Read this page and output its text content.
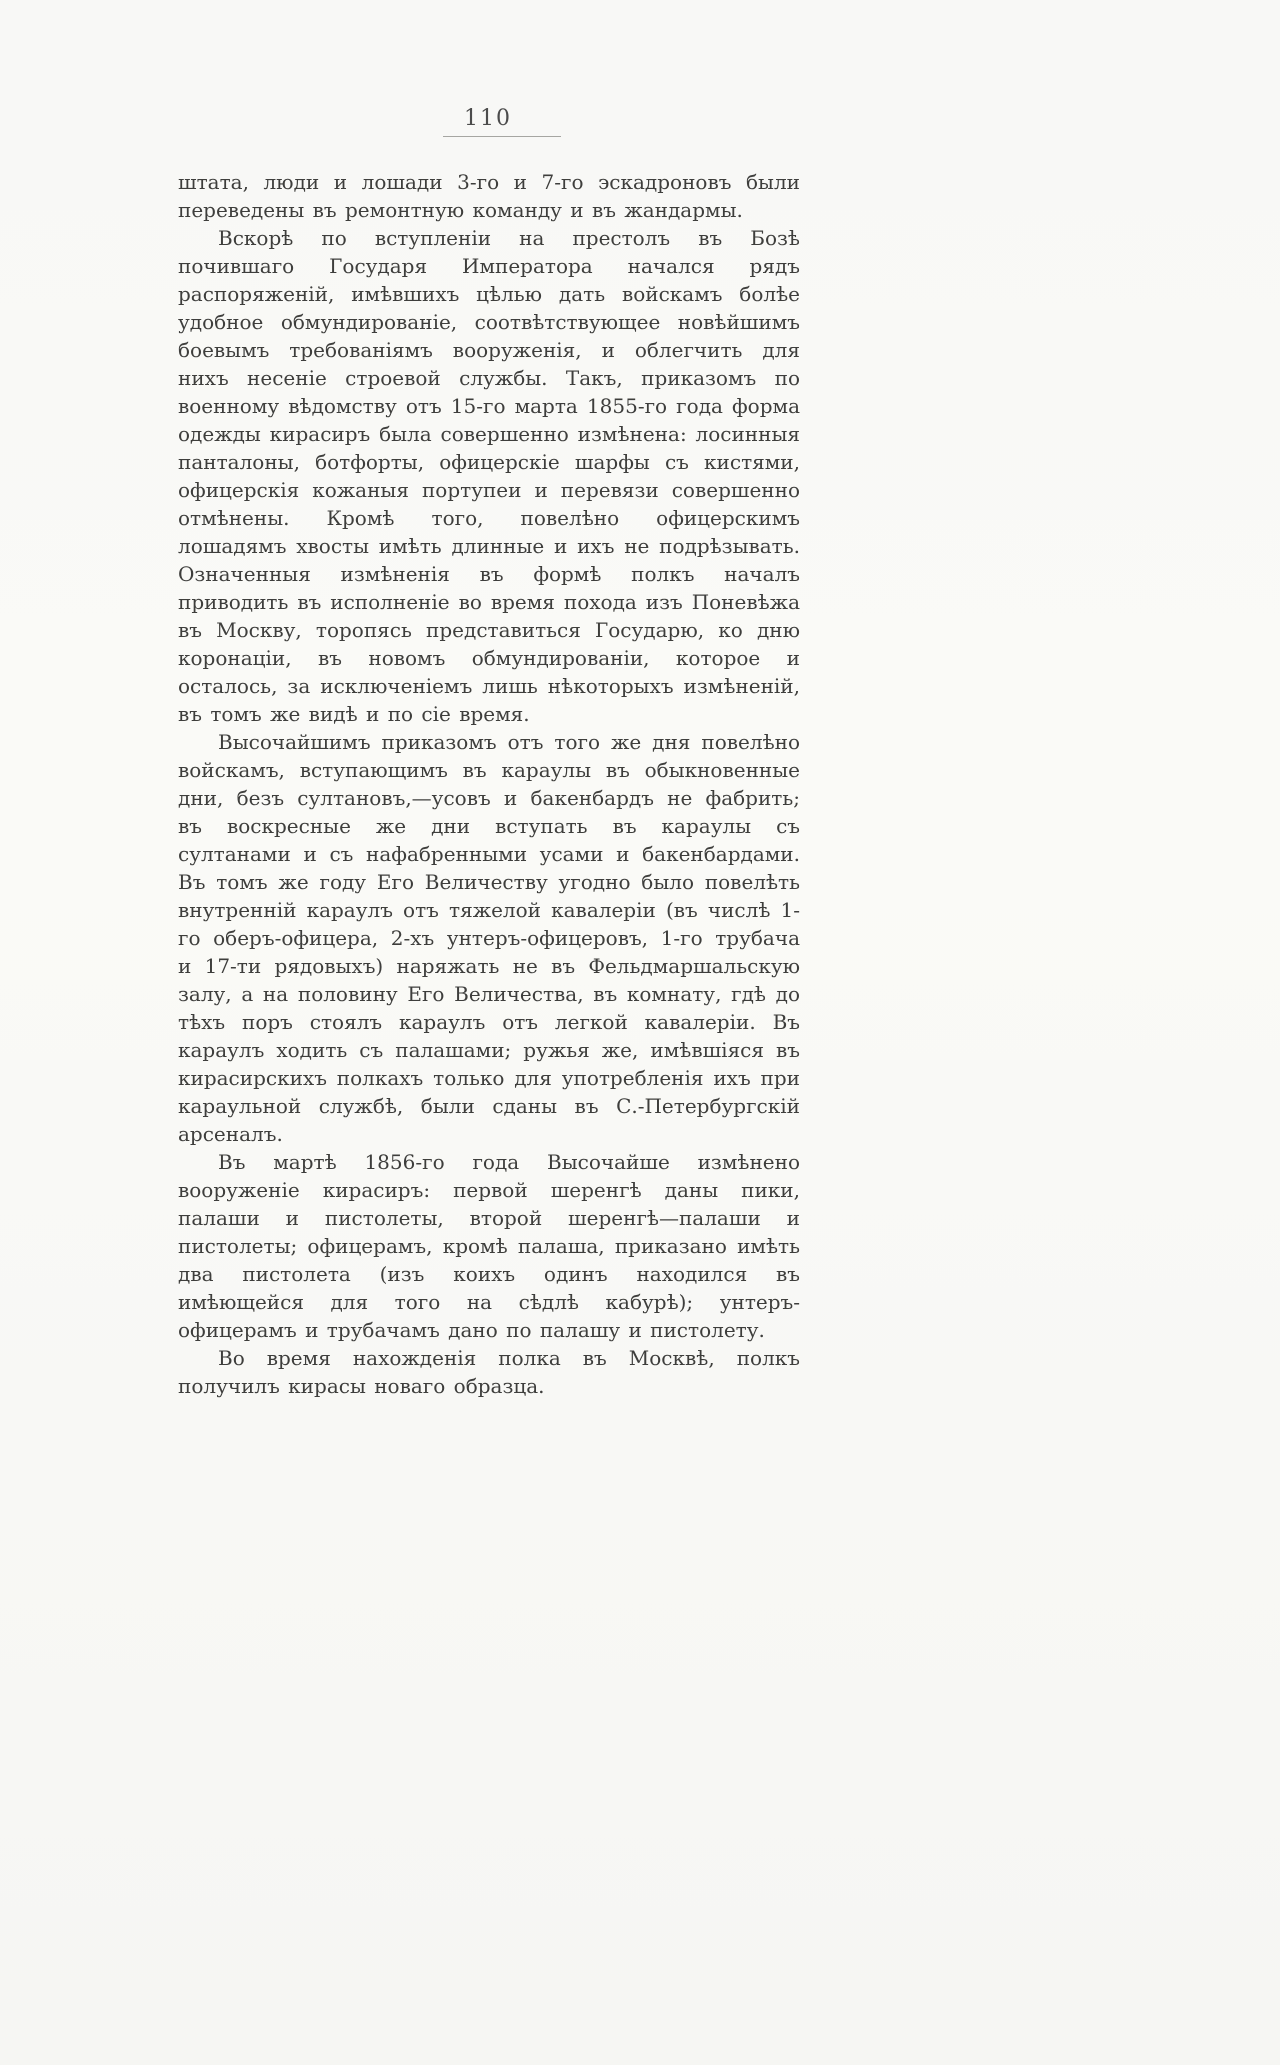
110

штата, люди и лошади 3-го и 7-го эскадроновъ были переведены въ ремонтную команду и въ жандармы.

Вскорѣ по вступленіи на престолъ въ Бозѣ почившаго Государя Императора начался рядъ распоряженій, имѣвшихъ цѣлью дать войскамъ болѣе удобное обмундированіе, соотвѣтствующее новѣйшимъ боевымъ требованіямъ вооруженія, и облегчить для нихъ несеніе строевой службы. Такъ, приказомъ по военному вѣдомству отъ 15-го марта 1855-го года форма одежды кирасиръ была совершенно измѣнена: лосинныя панталоны, ботфорты, офицерскіе шарфы съ кистями, офицерскія кожаныя портупеи и перевязи совершенно отмѣнены. Кромѣ того, повелѣно офицерскимъ лошадямъ хвосты имѣть длинные и ихъ не подрѣзывать. Означенныя измѣненія въ формѣ полкъ началъ приводить въ исполненіе во время похода изъ Поневѣжа въ Москву, торопясь представиться Государю, ко дню коронаціи, въ новомъ обмундированіи, которое и осталось, за исключеніемъ лишь нѣкоторыхъ измѣненій, въ томъ же видѣ и по сіе время.

Высочайшимъ приказомъ отъ того же дня повелѣно войскамъ, вступающимъ въ караулы въ обыкновенные дни, безъ султановъ,—усовъ и бакенбардъ не фабрить; въ воскресные же дни вступать въ караулы съ султанами и съ нафабренными усами и бакенбардами. Въ томъ же году Его Величеству угодно было повелѣть внутренній караулъ отъ тяжелой кавалеріи (въ числѣ 1-го оберъ-офицера, 2-хъ унтеръ-офицеровъ, 1-го трубача и 17-ти рядовыхъ) наряжать не въ Фельдмаршальскую залу, а на половину Его Величества, въ комнату, гдѣ до тѣхъ поръ стоялъ караулъ отъ легкой кавалеріи. Въ караулъ ходить съ палашами; ружья же, имѣвшіяся въ кирасирскихъ полкахъ только для употребленія ихъ при караульной службѣ, были сданы въ С.-Петербургскій арсеналъ.

Въ мартѣ 1856-го года Высочайше измѣнено вооруженіе кирасиръ: первой шеренгѣ даны пики, палаши и пистолеты, второй шеренгѣ—палаши и пистолеты; офицерамъ, кромѣ палаша, приказано имѣть два пистолета (изъ коихъ одинъ находился въ имѣющейся для того на сѣдлѣ кабурѣ); унтеръ-офицерамъ и трубачамъ дано по палашу и пистолету.

Во время нахожденія полка въ Москвѣ, полкъ получилъ кирасы новаго образца.
